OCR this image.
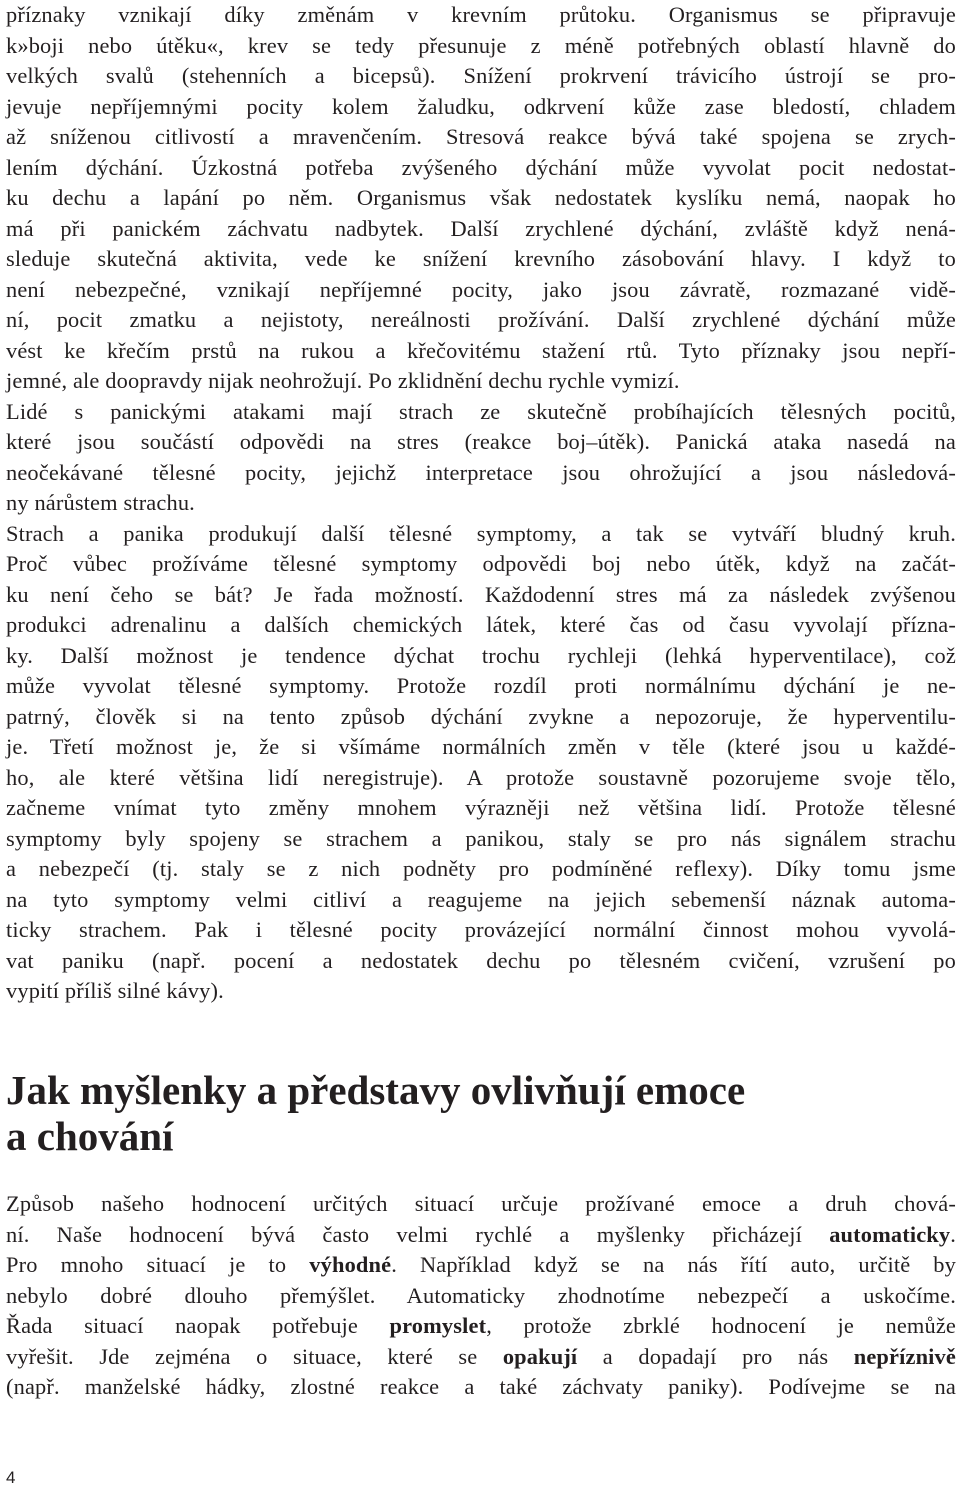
příznaky vznikají díky změnám v krevním průtoku. Organismus se připravuje
k»boji nebo útěku«, krev se tedy přesunuje z méně potřebných oblastí hlavně do
velkých svalů (stehenních a bicepsů). Snížení prokrvení trávicího ústrojí se pro-
jevuje nepříjemnými pocity kolem žaludku, odkrvení kůže zase bledostí, chladem
až sníženou citlivostí a mravenčením. Stresová reakce bývá také spojena se zrych-
lením dýchání. Úzkostná potřeba zvýšeného dýchání může vyvolat pocit nedostat-
ku dechu a lapání po něm. Organismus však nedostatek kyslíku nemá, naopak ho
má při panickém záchvatu nadbytek. Další zrychlené dýchání, zvláště když nená-
sleduje skutečná aktivita, vede ke snížení krevního zásobování hlavy. I když to
není nebezpečné, vznikají nepříjemné pocity, jako jsou závratě, rozmazané vidě-
ní, pocit zmatku a nejistoty, nereálnosti prožívání. Další zrychlené dýchání může
vést ke křečím prstů na rukou a křečovitému stažení rtů. Tyto příznaky jsou nepří-
jemné, ale doopravdy nijak neohrožují. Po zklidnění dechu rychle vymizí.
Lidé s panickými atakami mají strach ze skutečně probíhajících tělesných pocitů,
které jsou součástí odpovědi na stres (reakce boj–útěk). Panická ataka nasedá na
neočekávané tělesné pocity, jejichž interpretace jsou ohrožující a jsou následová-
ny nárůstem strachu.
Strach a panika produkují další tělesné symptomy, a tak se vytváří bludný kruh.
Proč vůbec prožíváme tělesné symptomy odpovědi boj nebo útěk, když na začát-
ku není čeho se bát? Je řada možností. Každodenní stres má za následek zvýšenou
produkci adrenalinu a dalších chemických látek, které čas od času vyvolají přízna-
ky. Další možnost je tendence dýchat trochu rychleji (lehká hyperventilace), což
může vyvolat tělesné symptomy. Protože rozdíl proti normálnímu dýchání je ne-
patrný, člověk si na tento způsob dýchání zvykne a nepozoruje, že hyperventilu-
je. Třetí možnost je, že si všímáme normálních změn v těle (které jsou u každé-
ho, ale které většina lidí neregistruje). A protože soustavně pozorujeme svoje tělo,
začneme vnímat tyto změny mnohem výrazněji než většina lidí. Protože tělesné
symptomy byly spojeny se strachem a panikou, staly se pro nás signálem strachu
a nebezpečí (tj. staly se z nich podněty pro podmíněné reflexy). Díky tomu jsme
na tyto symptomy velmi citliví a reagujeme na jejich sebemenší náznak automa-
ticky strachem. Pak i tělesné pocity provázející normální činnost mohou vyvolá-
vat paniku (např. pocení a nedostatek dechu po tělesném cvičení, vzrušení po
vypití příliš silné kávy).
Jak myšlenky a představy ovlivňují emoce
a chování
Způsob našeho hodnocení určitých situací určuje prožívané emoce a druh chová-
ní. Naše hodnocení bývá často velmi rychlé a myšlenky přicházejí automaticky.
Pro mnoho situací je to výhodné. Například když se na nás řítí auto, určitě by
nebylo dobré dlouho přemýšlet. Automaticky zhodnotíme nebezpečí a uskočíme.
Řada situací naopak potřebuje promyslet, protože zbrklé hodnocení je nemůže
vyřešit. Jde zejména o situace, které se opakují a dopadají pro nás nepříznivě
(např. manželské hádky, zlostné reakce a také záchvaty paniky). Podívejme se na
4
